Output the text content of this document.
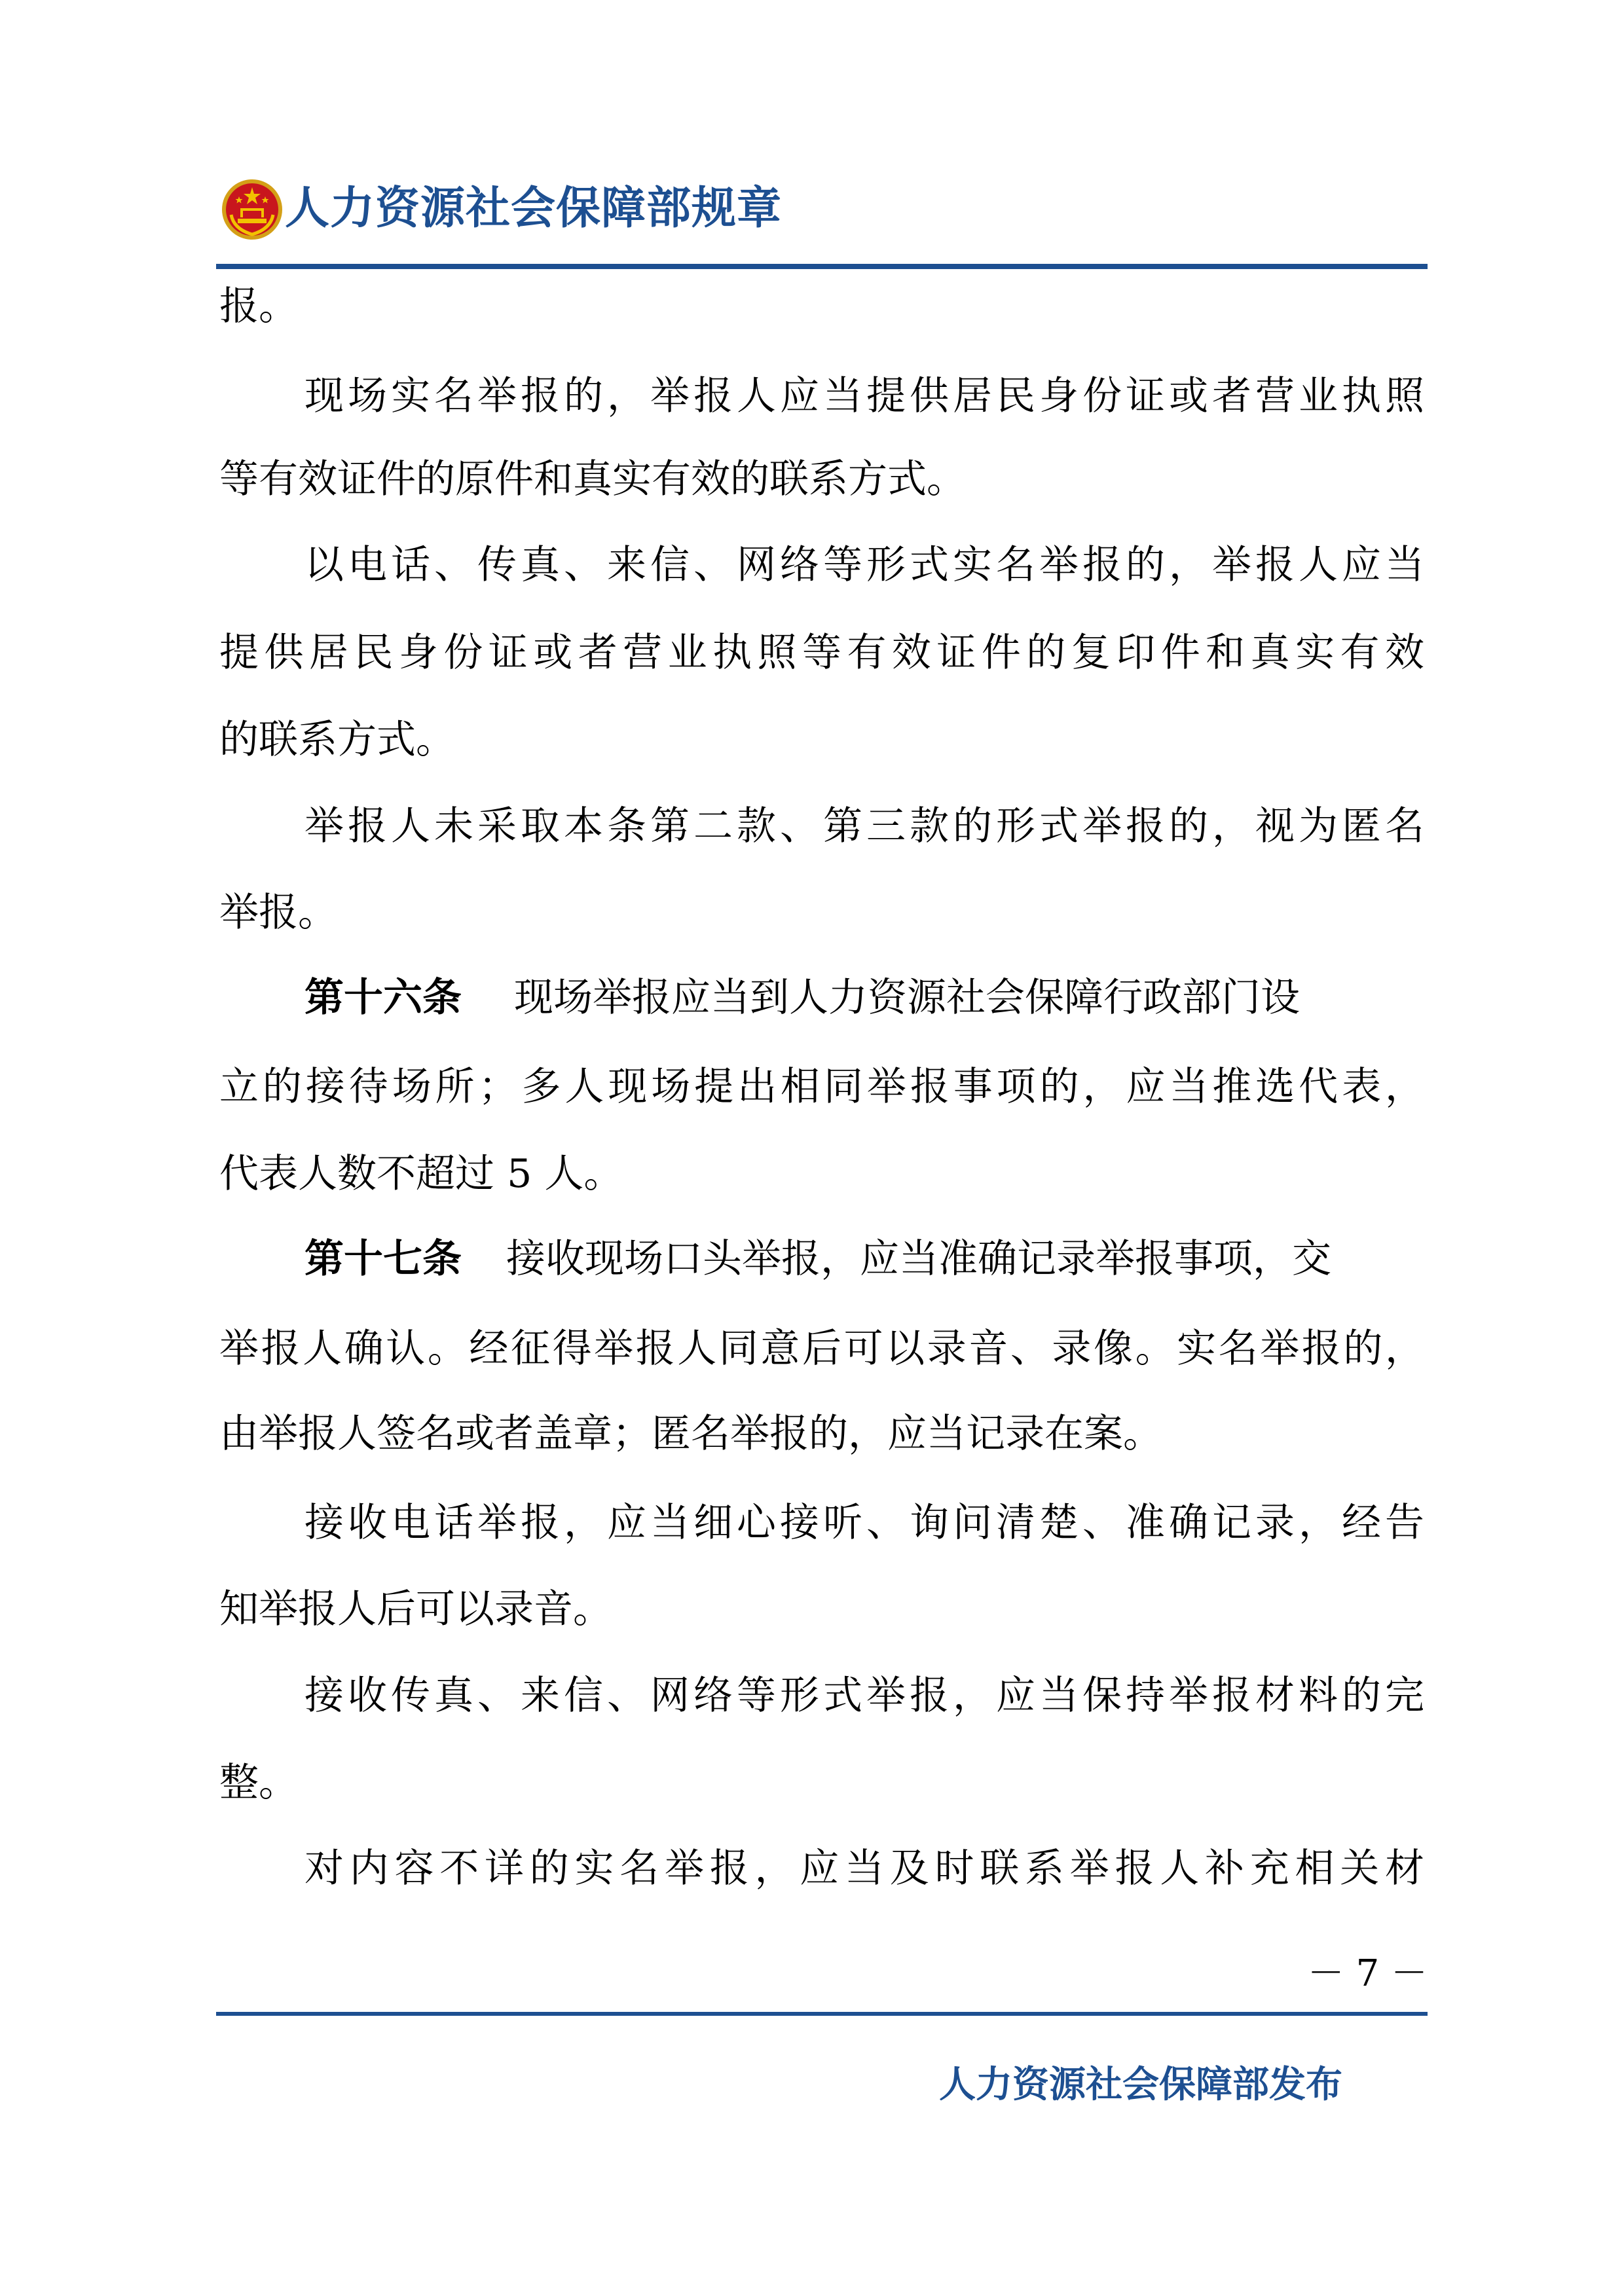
人力资源社会保障部规章
报。
现场实名举报的，举报人应当提供居民身份证或者营业执照
等有效证件的原件和真实有效的联系方式。
以电话、传真、来信、网络等形式实名举报的，举报人应当
提供居民身份证或者营业执照等有效证件的复印件和真实有效
的联系方式。
举报人未采取本条第二款、第三款的形式举报的，视为匿名
举报。
第十六条 现场举报应当到人力资源社会保障行政部门设
立的接待场所；多人现场提出相同举报事项的，应当推选代表，
代表人数不超过 5 人。
第十七条 接收现场口头举报，应当准确记录举报事项，交
举报人确认。经征得举报人同意后可以录音、录像。实名举报的，
由举报人签名或者盖章；匿名举报的，应当记录在案。
接收电话举报，应当细心接听、询问清楚、准确记录，经告
知举报人后可以录音。
接收传真、来信、网络等形式举报，应当保持举报材料的完
整。
对内容不详的实名举报，应当及时联系举报人补充相关材
－ 7 －
人力资源社会保障部发布
